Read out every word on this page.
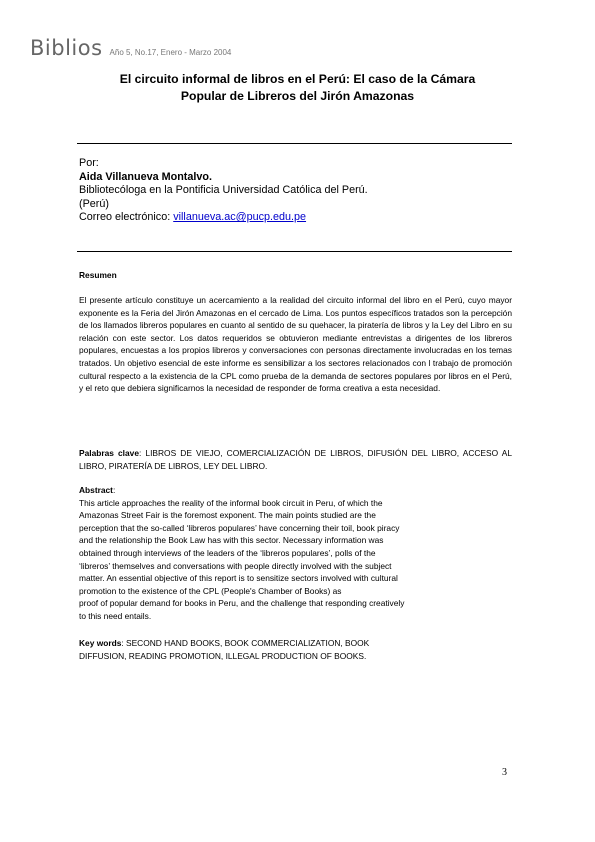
Biblios Año 5, No.17, Enero - Marzo 2004
El circuito informal de libros en el Perú: El caso de la Cámara
Popular de Libreros del Jirón Amazonas
Por:
Aida Villanueva Montalvo.
Bibliotecóloga en la Pontificia Universidad Católica del Perú.
(Perú)
Correo electrónico: villanueva.ac@pucp.edu.pe
Resumen
El presente artículo constituye un acercamiento a la realidad del circuito informal del libro en el Perú, cuyo mayor exponente es la Feria del Jirón Amazonas en el cercado de Lima. Los puntos específicos tratados son la percepción de los llamados libreros populares en cuanto al sentido de su quehacer, la piratería de libros y la Ley del Libro en su relación con este sector. Los datos requeridos se obtuvieron mediante entrevistas a dirigentes de los libreros populares, encuestas a los propios libreros y conversaciones con personas directamente involucradas en los temas tratados. Un objetivo esencial de este informe es sensibilizar a los sectores relacionados con l trabajo de promoción cultural respecto a la existencia de la CPL como prueba de la demanda de sectores populares por libros en el Perú, y el reto que debiera significarnos la necesidad de responder de forma creativa a esta necesidad.
Palabras clave: LIBROS DE VIEJO, COMERCIALIZACIÓN DE LIBROS, DIFUSIÓN DEL LIBRO, ACCESO AL LIBRO, PIRATERÍA DE LIBROS, LEY DEL LIBRO.
Abstract:
This article approaches the reality of the informal book circuit in Peru, of which the
Amazonas Street Fair is the foremost exponent. The main points studied are the
perception that the so-called ‘libreros populares’ have concerning their toil, book piracy
and the relationship the Book Law has with this sector. Necessary information was
obtained through interviews of the leaders of the ‘libreros populares’, polls of the
‘libreros’ themselves and conversations with people directly involved with the subject
matter. An essential objective of this report is to sensitize sectors involved with cultural
promotion to the existence of the CPL (People's Chamber of Books) as
proof of popular demand for books in Peru, and the challenge that responding creatively
to this need entails.
Key words: SECOND HAND BOOKS, BOOK COMMERCIALIZATION, BOOK
DIFFUSION, READING PROMOTION, ILLEGAL PRODUCTION OF BOOKS.
3
